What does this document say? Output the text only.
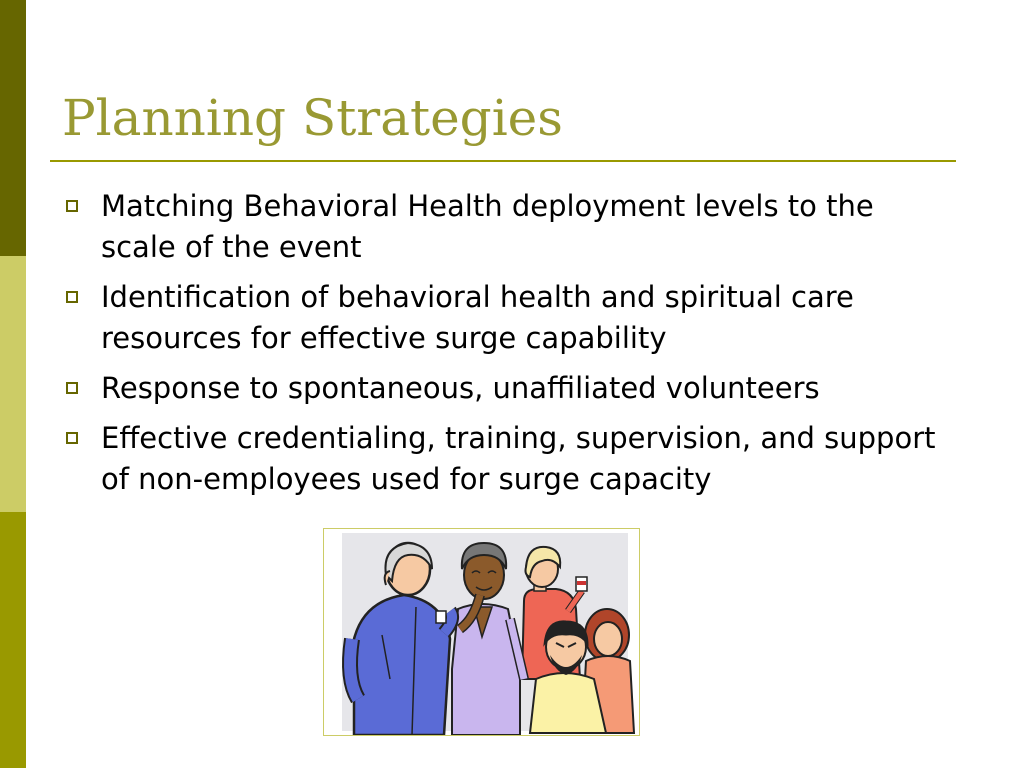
Planning Strategies
Matching Behavioral Health deployment levels to the scale of the event
Identification of behavioral health and spiritual care resources for effective surge capability
Response to spontaneous, unaffiliated volunteers
Effective credentialing, training, supervision, and support of non-employees used for surge capacity
